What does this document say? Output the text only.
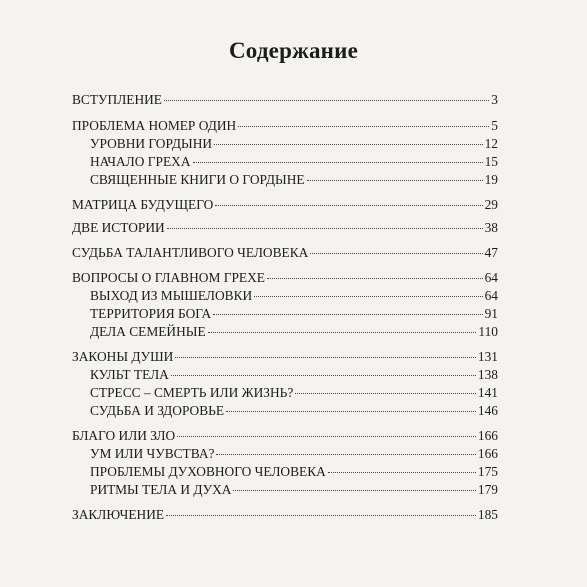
Содержание
ВСТУПЛЕНИЕ	3
ПРОБЛЕМА НОМЕР ОДИН	5
УРОВНИ ГОРДЫНИ	12
НАЧАЛО ГРЕХА	15
СВЯЩЕННЫЕ КНИГИ О ГОРДЫНЕ	19
МАТРИЦА БУДУЩЕГО	29
ДВЕ ИСТОРИИ	38
СУДЬБА ТАЛАНТЛИВОГО ЧЕЛОВЕКА	47
ВОПРОСЫ О ГЛАВНОМ ГРЕХЕ	64
ВЫХОД ИЗ МЫШЕЛОВКИ	64
ТЕРРИТОРИЯ БОГА	91
ДЕЛА СЕМЕЙНЫЕ	110
ЗАКОНЫ ДУШИ	131
КУЛЬТ ТЕЛА	138
СТРЕСС – СМЕРТЬ ИЛИ ЖИЗНЬ?	141
СУДЬБА И ЗДОРОВЬЕ	146
БЛАГО ИЛИ ЗЛО	166
УМ ИЛИ ЧУВСТВА?	166
ПРОБЛЕМЫ ДУХОВНОГО ЧЕЛОВЕКА	175
РИТМЫ ТЕЛА И ДУХА	179
ЗАКЛЮЧЕНИЕ	185
